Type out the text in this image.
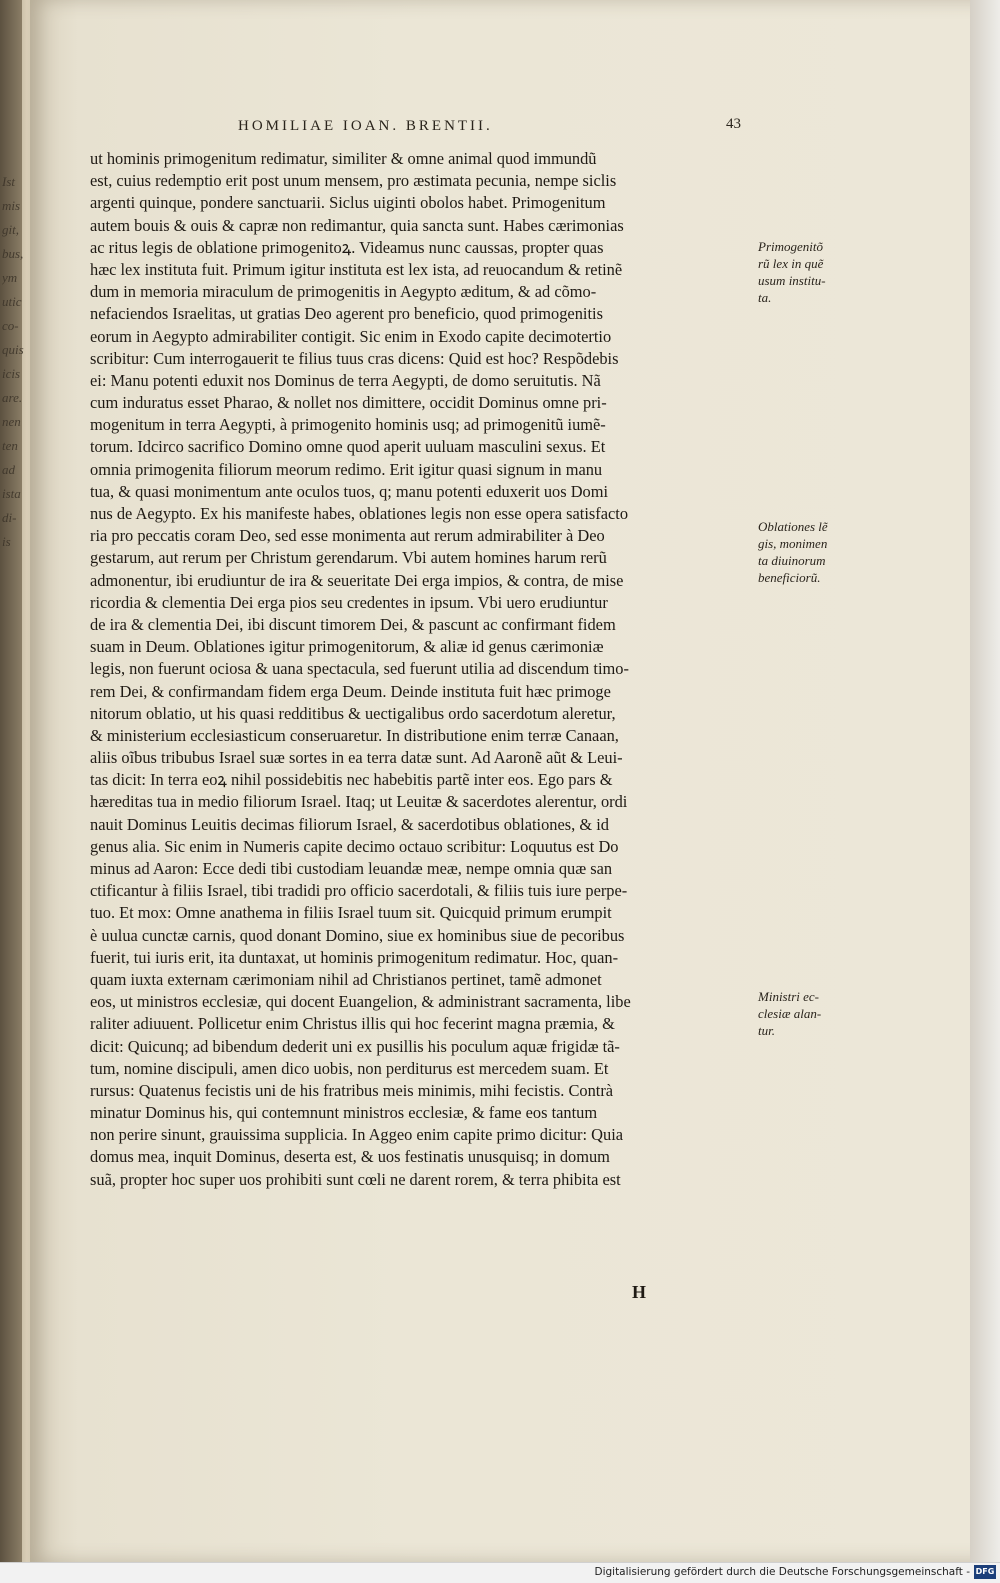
Ist
mis
git,
bus,
ym
utic
co-
quis
icis
are.
nen
ten
ad
ista
di-
is
HOMILIAE IOAN. BRENTII.	43
ut hominis primogenitum redimatur, similiter & omne animal quod immundũ
est, cuius redemptio erit post unum mensem, pro æstimata pecunia, nempe siclis
argenti quinque, pondere sanctuarii. Siclus uiginti obolos habet. Primogenitum
autem bouis & ouis & capræ non redimantur, quia sancta sunt. Habes cærimonias
ac ritus legis de oblatione primogenitoꝝ. Videamus nunc caussas, propter quas
hæc lex instituta fuit. Primum igitur instituta est lex ista, ad reuocandum & retinẽ
dum in memoria miraculum de primogenitis in Aegypto æditum, & ad cõmo-
nefaciendos Israelitas, ut gratias Deo agerent pro beneficio, quod primogenitis
eorum in Aegypto admirabiliter contigit. Sic enim in Exodo capite decimotertio
scribitur: Cum interrogauerit te filius tuus cras dicens: Quid est hoc? Respõdebis
ei: Manu potenti eduxit nos Dominus de terra Aegypti, de domo seruitutis. Nã
cum induratus esset Pharao, & nollet nos dimittere, occidit Dominus omne pri-
mogenitum in terra Aegypti, à primogenito hominis usq; ad primogenitũ iumẽ-
torum. Idcirco sacrifico Domino omne quod aperit uuluam masculini sexus. Et
omnia primogenita filiorum meorum redimo. Erit igitur quasi signum in manu
tua, & quasi monimentum ante oculos tuos, q; manu potenti eduxerit uos Domi
nus de Aegypto. Ex his manifeste habes, oblationes legis non esse opera satisfacto
ria pro peccatis coram Deo, sed esse monimenta aut rerum admirabiliter à Deo
gestarum, aut rerum per Christum gerendarum. Vbi autem homines harum rerũ
admonentur, ibi erudiuntur de ira & seueritate Dei erga impios, & contra, de mise
ricordia & clementia Dei erga pios seu credentes in ipsum. Vbi uero erudiuntur
de ira & clementia Dei, ibi discunt timorem Dei, & pascunt ac confirmant fidem
suam in Deum. Oblationes igitur primogenitorum, & aliæ id genus cærimoniæ
legis, non fuerunt ociosa & uana spectacula, sed fuerunt utilia ad discendum timo-
rem Dei, & confirmandam fidem erga Deum. Deinde instituta fuit hæc primoge
nitorum oblatio, ut his quasi redditibus & uectigalibus ordo sacerdotum aleretur,
& ministerium ecclesiasticum conseruaretur. In distributione enim terræ Canaan,
aliis oĩbus tribubus Israel suæ sortes in ea terra datæ sunt. Ad Aaronẽ aũt & Leui-
tas dicit: In terra eoꝝ nihil possidebitis nec habebitis partẽ inter eos. Ego pars &
hæreditas tua in medio filiorum Israel. Itaq; ut Leuitæ & sacerdotes alerentur, ordi
nauit Dominus Leuitis decimas filiorum Israel, & sacerdotibus oblationes, & id
genus alia. Sic enim in Numeris capite decimo octauo scribitur: Loquutus est Do
minus ad Aaron: Ecce dedi tibi custodiam leuandæ meæ, nempe omnia quæ san
ctificantur à filiis Israel, tibi tradidi pro officio sacerdotali, & filiis tuis iure perpe-
tuo. Et mox: Omne anathema in filiis Israel tuum sit. Quicquid primum erumpit
è uulua cunctæ carnis, quod donant Domino, siue ex hominibus siue de pecoribus
fuerit, tui iuris erit, ita duntaxat, ut hominis primogenitum redimatur. Hoc, quan-
quam iuxta externam cærimoniam nihil ad Christianos pertinet, tamẽ admonet
eos, ut ministros ecclesiæ, qui docent Euangelion, & administrant sacramenta, libe
raliter adiuuent. Pollicetur enim Christus illis qui hoc fecerint magna præmia, &
dicit: Quicunq; ad bibendum dederit uni ex pusillis his poculum aquæ frigidæ tã-
tum, nomine discipuli, amen dico uobis, non perditurus est mercedem suam. Et
rursus: Quatenus fecistis uni de his fratribus meis minimis, mihi fecistis. Contrà
minatur Dominus his, qui contemnunt ministros ecclesiæ, & fame eos tantum
non perire sinunt, grauissima supplicia. In Aggeo enim capite primo dicitur: Quia
domus mea, inquit Dominus, deserta est, & uos festinatis unusquisq; in domum
suã, propter hoc super uos prohibiti sunt cœli ne darent rorem, & terra phibita est
Primogenitõ
rũ lex in quẽ
usum institu-
ta.
Oblationes lẽ
gis, monimen
ta diuinorum
beneficiorũ.
Ministri ec-
clesiæ alan-
tur.
H
Digitalisierung gefördert durch die Deutsche Forschungsgemeinschaft - DFG
